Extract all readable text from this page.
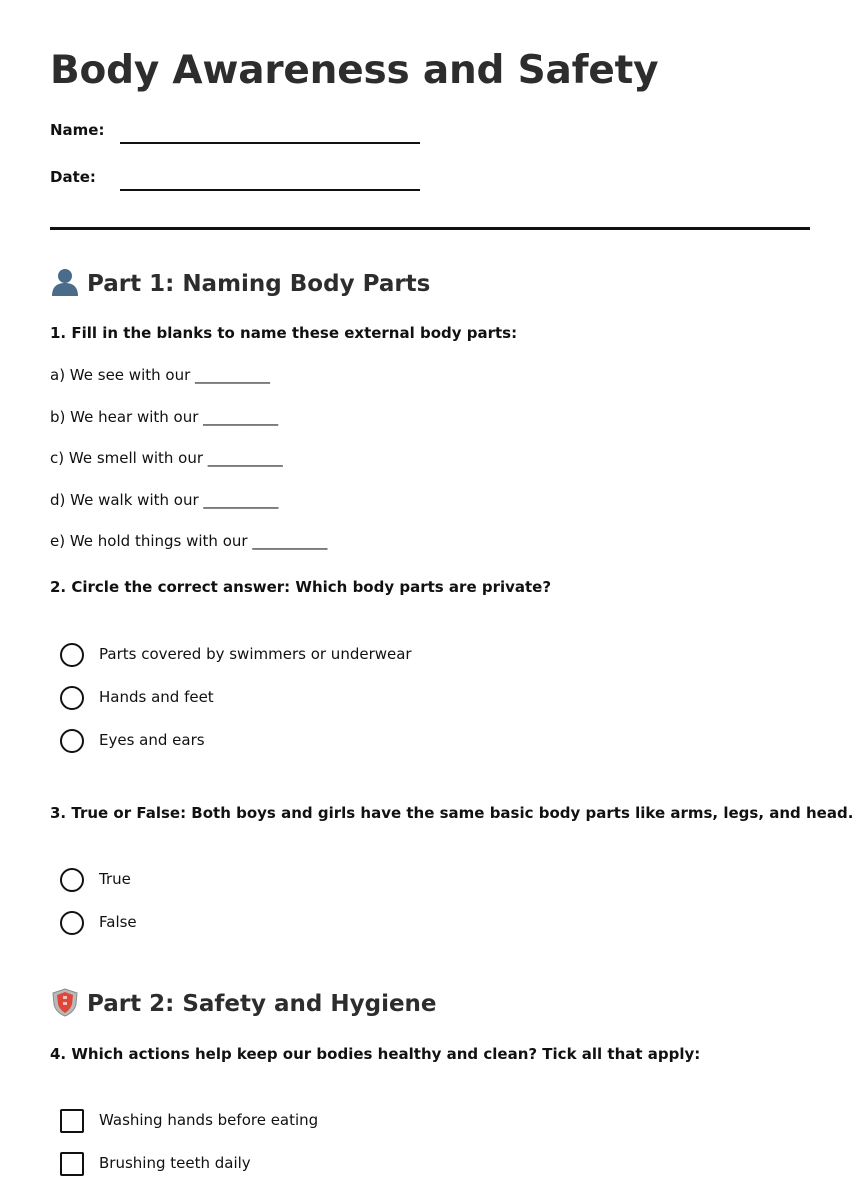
Body Awareness and Safety
Name:
Date:
Part 1: Naming Body Parts

1. Fill in the blanks to name these external body parts:

a) We see with our __________
b) We hear with our __________
c) We smell with our __________
d) We walk with our __________
e) We hold things with our __________

2. Circle the correct answer: Which body parts are private?

Parts covered by swimmers or underwear
Hands and feet
Eyes and ears

3. True or False: Both boys and girls have the same basic body parts like arms, legs, and head.

True
False
Part 2: Safety and Hygiene

4. Which actions help keep our bodies healthy and clean? Tick all that apply:

Washing hands before eating
Brushing teeth daily
